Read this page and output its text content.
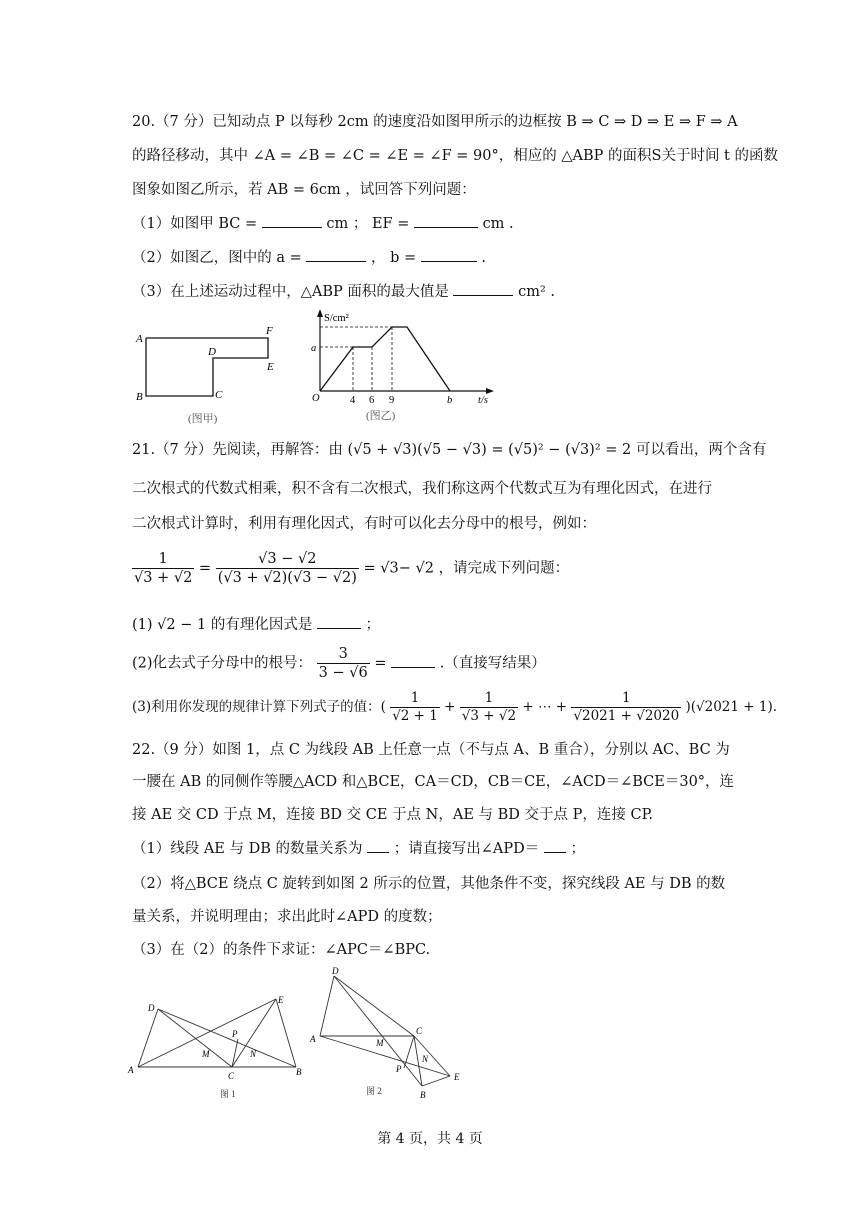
20.（7 分）已知动点 P 以每秒 2cm 的速度沿如图甲所示的边框按 B ⇒ C ⇒ D ⇒ E ⇒ F ⇒ A
的路径移动，其中 ∠A = ∠B = ∠C = ∠E = ∠F = 90°，相应的 △ABP 的面积S关于时间 t 的函数
图象如图乙所示，若 AB = 6cm ，试回答下列问题：
（1）如图甲 BC =	cm ； EF =	cm .
（2）如图乙，图中的 a =	， b =	.
（3）在上述运动过程中，△ABP 面积的最大值是	cm² .
A
F
D
E
B	C
(图甲)
S/cm²
t/s
O
a
4 6 9	b
(图乙)
21.（7 分）先阅读，再解答：由 (√5 + √3)(√5 − √3) = (√5)² − (√3)² = 2 可以看出，两个含有
二次根式的代数式相乘，积不含有二次根式，我们称这两个代数式互为有理化因式，在进行
二次根式计算时，利用有理化因式，有时可以化去分母中的根号，例如：
$\frac{1}{√3 + √2} = \frac{√3 - √2}{(√3 + √2)(√3 - √2)} = √3- √2$ ，请完成下列问题：
(1) √2 − 1 的有理化因式是	；
(2)化去式子分母中的根号： $\frac{3}{3 - √6}$ =	.（直接写结果）
(3)利用你发现的规律计算下列式子的值：( $\frac{1}{√2 + 1} + \frac{1}{√3 + √2}$ + ⋯ + $\frac{1}{√2021 + √2020} )(√2021 + 1)$.
22.（9 分）如图 1，点 C 为线段 AB 上任意一点（不与点 A、B 重合），分别以 AC、BC 为
一腰在 AB 的同侧作等腰△ACD 和△BCE，CA＝CD，CB＝CE，∠ACD＝∠BCE＝30°，连
接 AE 交 CD 于点 M，连接 BD 交 CE 于点 N，AE 与 BD 交于点 P，连接 CP.
（1）线段 AE 与 DB 的数量关系为 ；请直接写出∠APD＝ ；
（2）将△BCE 绕点 C 旋转到如图 2 所示的位置，其他条件不变，探究线段 AE 与 DB 的数
量关系，并说明理由；求出此时∠APD 的度数；
（3）在（2）的条件下求证：∠APC＝∠BPC.
D
E
P
M	N
A
C	B
图 1
D
C
A	M
N
P
E
B
图 2
第 4 页，共 4 页
